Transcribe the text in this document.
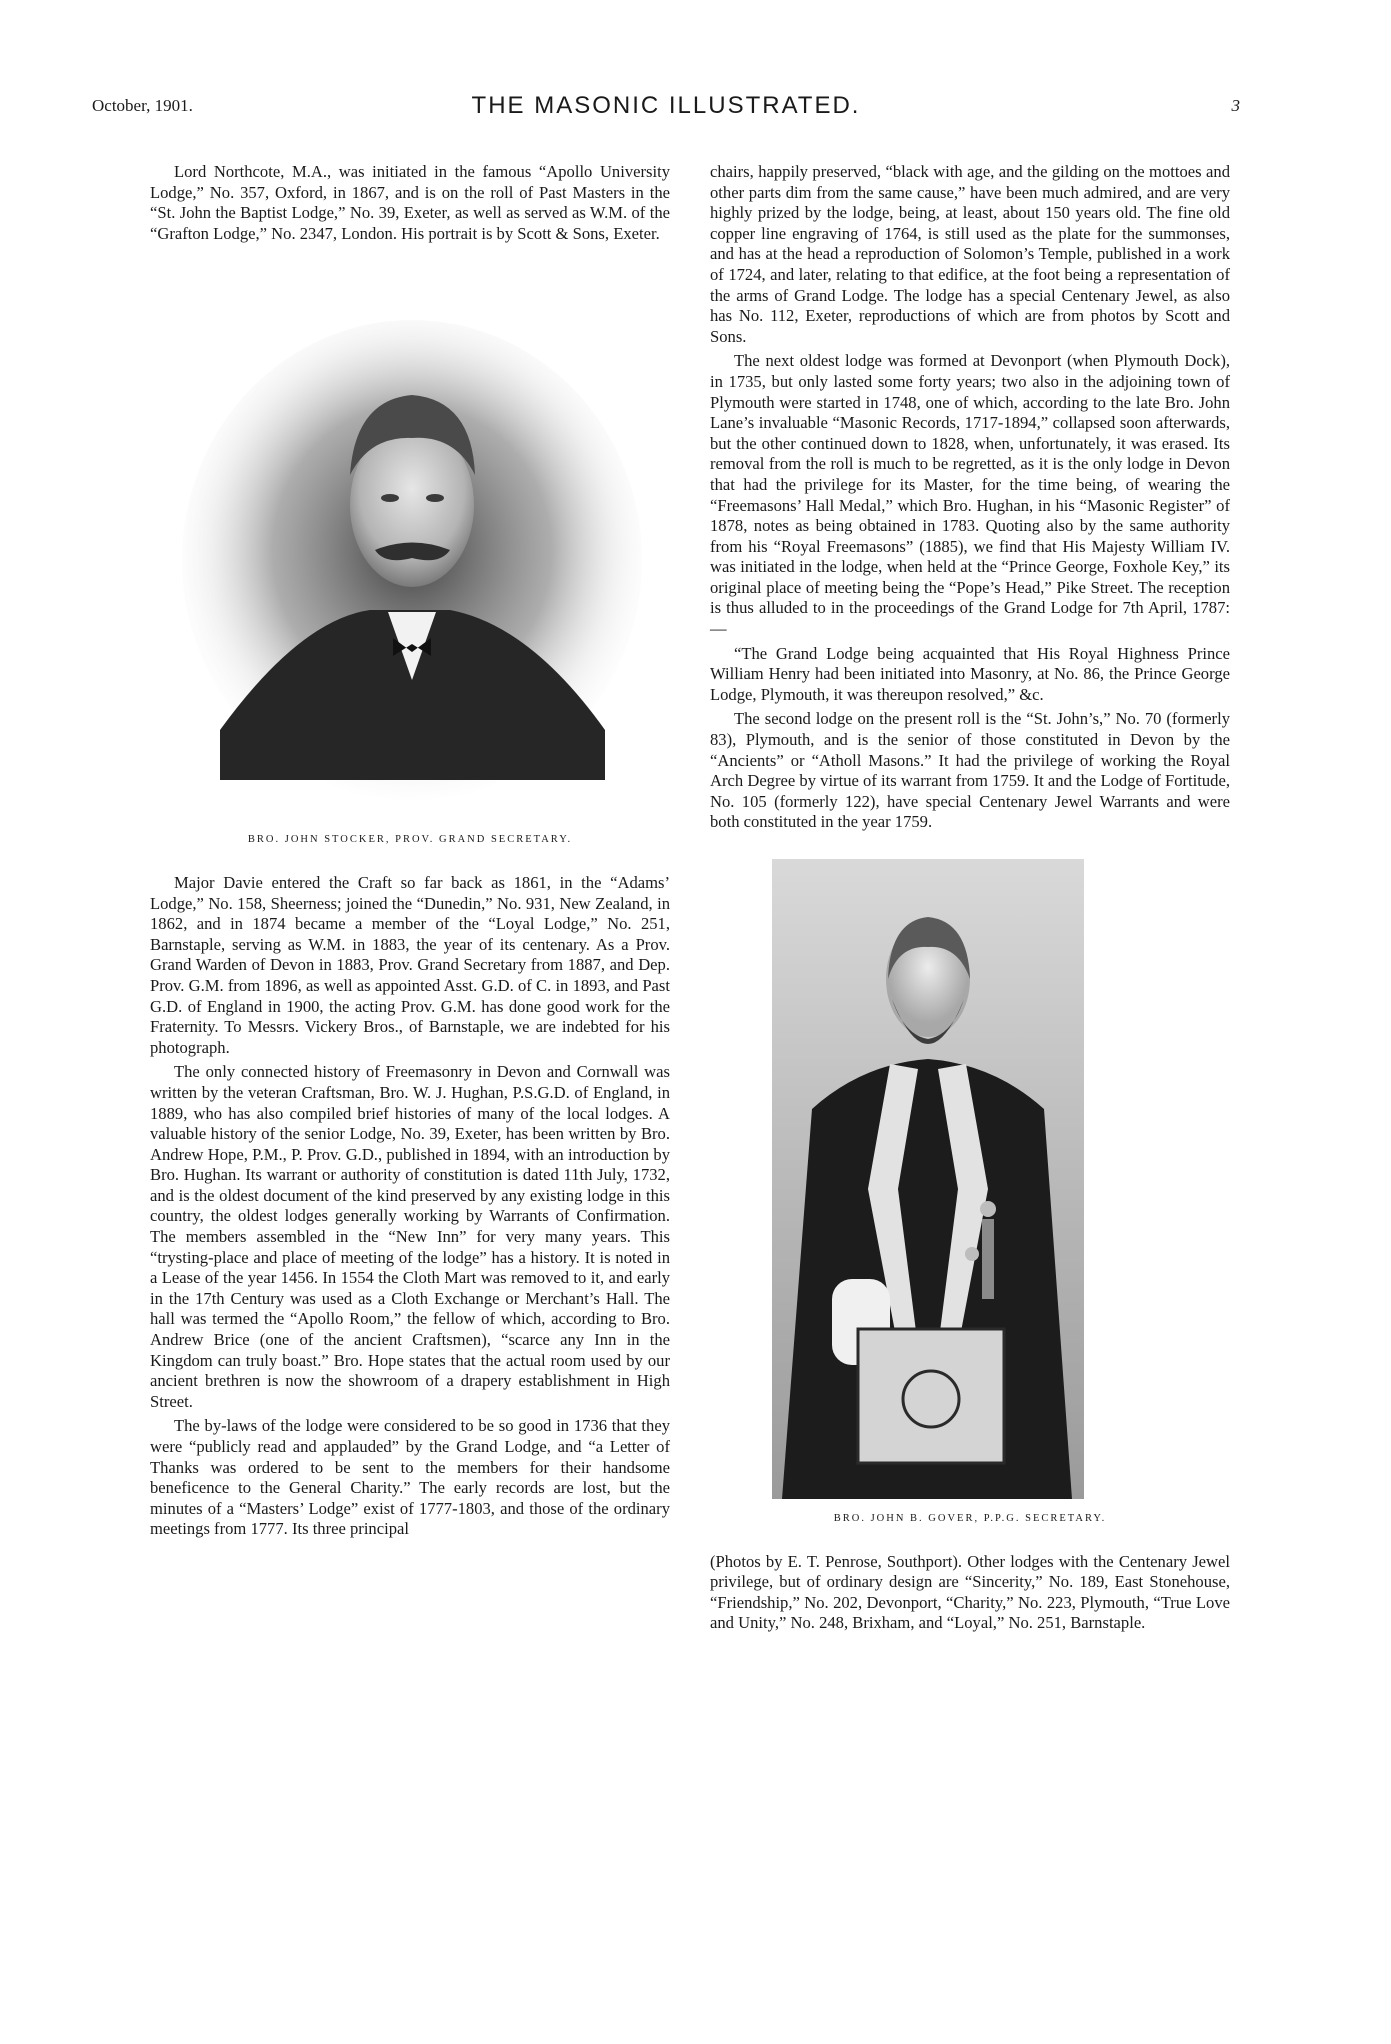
October, 1901.	THE MASONIC ILLUSTRATED.	3

Lord Northcote, M.A., was initiated in the famous “Apollo University Lodge,” No. 357, Oxford, in 1867, and is on the roll of Past Masters in the “St. John the Baptist Lodge,” No. 39, Exeter, as well as served as W.M. of the “Grafton Lodge,” No. 2347, London. His portrait is by Scott & Sons, Exeter.

BRO. JOHN STOCKER, PROV. GRAND SECRETARY.

Major Davie entered the Craft so far back as 1861, in the “Adams’ Lodge,” No. 158, Sheerness; joined the “Dunedin,” No. 931, New Zealand, in 1862, and in 1874 became a member of the “Loyal Lodge,” No. 251, Barnstaple, serving as W.M. in 1883, the year of its centenary. As a Prov. Grand Warden of Devon in 1883, Prov. Grand Secretary from 1887, and Dep. Prov. G.M. from 1896, as well as appointed Asst. G.D. of C. in 1893, and Past G.D. of England in 1900, the acting Prov. G.M. has done good work for the Fraternity. To Messrs. Vickery Bros., of Barnstaple, we are indebted for his photograph.

The only connected history of Freemasonry in Devon and Cornwall was written by the veteran Craftsman, Bro. W. J. Hughan, P.S.G.D. of England, in 1889, who has also compiled brief histories of many of the local lodges. A valuable history of the senior Lodge, No. 39, Exeter, has been written by Bro. Andrew Hope, P.M., P. Prov. G.D., published in 1894, with an introduction by Bro. Hughan. Its warrant or authority of constitution is dated 11th July, 1732, and is the oldest document of the kind preserved by any existing lodge in this country, the oldest lodges generally working by Warrants of Confirmation. The members assembled in the “New Inn” for very many years. This “trysting-place and place of meeting of the lodge” has a history. It is noted in a Lease of the year 1456. In 1554 the Cloth Mart was removed to it, and early in the 17th Century was used as a Cloth Exchange or Merchant’s Hall. The hall was termed the “Apollo Room,” the fellow of which, according to Bro. Andrew Brice (one of the ancient Craftsmen), “scarce any Inn in the Kingdom can truly boast.” Bro. Hope states that the actual room used by our ancient brethren is now the showroom of a drapery establishment in High Street.

The by-laws of the lodge were considered to be so good in 1736 that they were “publicly read and applauded” by the Grand Lodge, and “a Letter of Thanks was ordered to be sent to the members for their handsome beneficence to the General Charity.” The early records are lost, but the minutes of a “Masters’ Lodge” exist of 1777-1803, and those of the ordinary meetings from 1777. Its three principal

chairs, happily preserved, “black with age, and the gilding on the mottoes and other parts dim from the same cause,” have been much admired, and are very highly prized by the lodge, being, at least, about 150 years old. The fine old copper line engraving of 1764, is still used as the plate for the summonses, and has at the head a reproduction of Solomon’s Temple, published in a work of 1724, and later, relating to that edifice, at the foot being a representation of the arms of Grand Lodge. The lodge has a special Centenary Jewel, as also has No. 112, Exeter, reproductions of which are from photos by Scott and Sons.

The next oldest lodge was formed at Devonport (when Plymouth Dock), in 1735, but only lasted some forty years; two also in the adjoining town of Plymouth were started in 1748, one of which, according to the late Bro. John Lane’s invaluable “Masonic Records, 1717-1894,” collapsed soon afterwards, but the other continued down to 1828, when, unfortunately, it was erased. Its removal from the roll is much to be regretted, as it is the only lodge in Devon that had the privilege for its Master, for the time being, of wearing the “Freemasons’ Hall Medal,” which Bro. Hughan, in his “Masonic Register” of 1878, notes as being obtained in 1783. Quoting also by the same authority from his “Royal Freemasons” (1885), we find that His Majesty William IV. was initiated in the lodge, when held at the “Prince George, Foxhole Key,” its original place of meeting being the “Pope’s Head,” Pike Street. The reception is thus alluded to in the proceedings of the Grand Lodge for 7th April, 1787:—

“The Grand Lodge being acquainted that His Royal Highness Prince William Henry had been initiated into Masonry, at No. 86, the Prince George Lodge, Plymouth, it was thereupon resolved,” &c.

The second lodge on the present roll is the “St. John’s,” No. 70 (formerly 83), Plymouth, and is the senior of those constituted in Devon by the “Ancients” or “Atholl Masons.” It had the privilege of working the Royal Arch Degree by virtue of its warrant from 1759. It and the Lodge of Fortitude, No. 105 (formerly 122), have special Centenary Jewel Warrants and were both constituted in the year 1759.

BRO. JOHN B. GOVER, P.P.G. SECRETARY.

(Photos by E. T. Penrose, Southport). Other lodges with the Centenary Jewel privilege, but of ordinary design are “Sincerity,” No. 189, East Stonehouse, “Friendship,” No. 202, Devonport, “Charity,” No. 223, Plymouth, “True Love and Unity,” No. 248, Brixham, and “Loyal,” No. 251, Barnstaple.
